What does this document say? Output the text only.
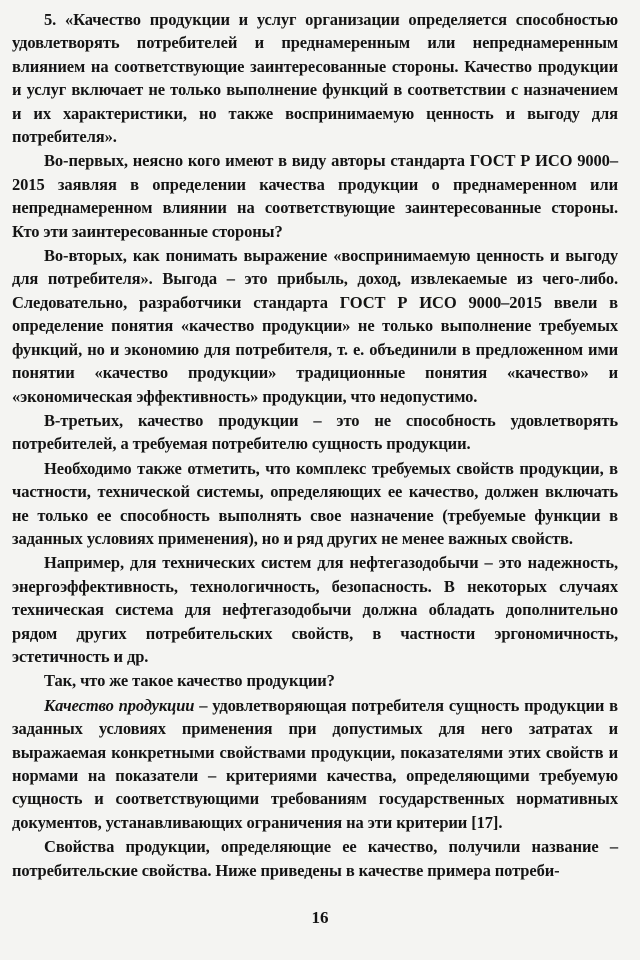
5. «Качество продукции и услуг организации определяется способностью удовлетворять потребителей и преднамеренным или непреднамеренным влиянием на соответствующие заинтересованные стороны. Качество продукции и услуг включает не только выполнение функций в соответствии с назначением и их характеристики, но также воспринимаемую ценность и выгоду для потребителя».

Во-первых, неясно кого имеют в виду авторы стандарта ГОСТ Р ИСО 9000–2015 заявляя в определении качества продукции о преднамеренном или непреднамеренном влиянии на соответствующие заинтересованные стороны. Кто эти заинтересованные стороны?

Во-вторых, как понимать выражение «воспринимаемую ценность и выгоду для потребителя». Выгода – это прибыль, доход, извлекаемые из чего-либо. Следовательно, разработчики стандарта ГОСТ Р ИСО 9000–2015 ввели в определение понятия «качество продукции» не только выполнение требуемых функций, но и экономию для потребителя, т. е. объединили в предложенном ими понятии «качество продукции» традиционные понятия «качество» и «экономическая эффективность» продукции, что недопустимо.

В-третьих, качество продукции – это не способность удовлетворять потребителей, а требуемая потребителю сущность продукции.

Необходимо также отметить, что комплекс требуемых свойств продукции, в частности, технической системы, определяющих ее качество, должен включать не только ее способность выполнять свое назначение (требуемые функции в заданных условиях применения), но и ряд других не менее важных свойств.

Например, для технических систем для нефтегазодобычи – это надежность, энергоэффективность, технологичность, безопасность. В некоторых случаях техническая система для нефтегазодобычи должна обладать дополнительно рядом других потребительских свойств, в частности эргономичность, эстетичность и др.

Так, что же такое качество продукции?

Качество продукции – удовлетворяющая потребителя сущность продукции в заданных условиях применения при допустимых для него затратах и выражаемая конкретными свойствами продукции, показателями этих свойств и нормами на показатели – критериями качества, определяющими требуемую сущность и соответствующими требованиям государственных нормативных документов, устанавливающих ограничения на эти критерии [17].

Свойства продукции, определяющие ее качество, получили название – потребительские свойства. Ниже приведены в качестве примера потреби-

16
